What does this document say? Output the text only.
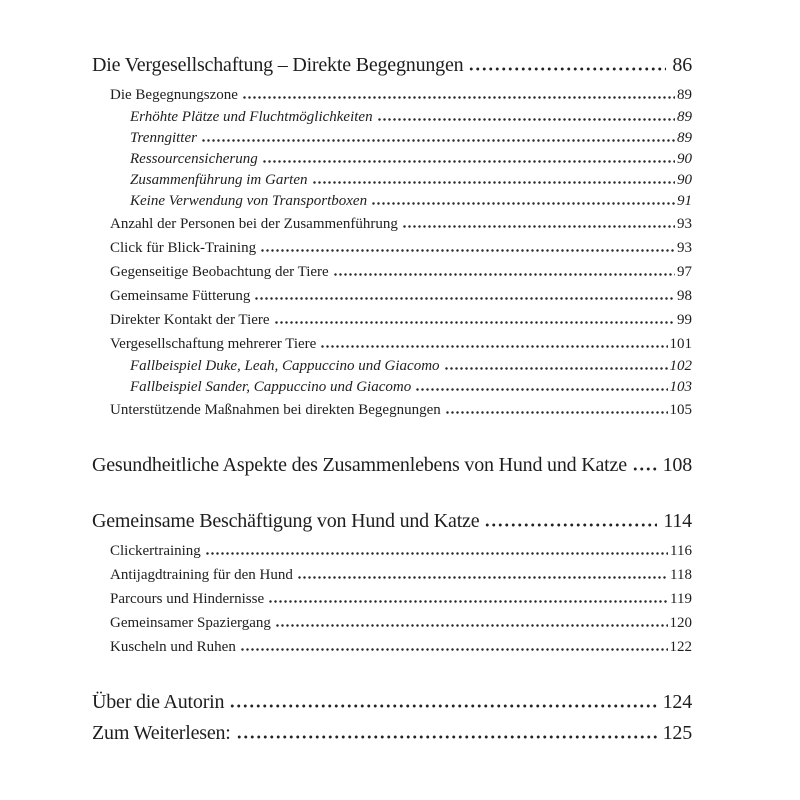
Die Vergesellschaftung – Direkte Begegnungen	86
Die Begegnungszone	89
Erhöhte Plätze und Fluchtmöglichkeiten	89
Trenngitter	89
Ressourcensicherung	90
Zusammenführung im Garten	90
Keine Verwendung von Transportboxen	91
Anzahl der Personen bei der Zusammenführung	93
Click für Blick-Training	93
Gegenseitige Beobachtung der Tiere	97
Gemeinsame Fütterung	98
Direkter Kontakt der Tiere	99
Vergesellschaftung mehrerer Tiere	101
Fallbeispiel Duke, Leah, Cappuccino und Giacomo	102
Fallbeispiel Sander, Cappuccino und Giacomo	103
Unterstützende Maßnahmen bei direkten Begegnungen	105
Gesundheitliche Aspekte des Zusammenlebens von Hund und Katze 108
Gemeinsame Beschäftigung von Hund und Katze	114
Clickertraining	116
Antijagdtraining für den Hund	118
Parcours und Hindernisse	119
Gemeinsamer Spaziergang	120
Kuscheln und Ruhen	122
Über die Autorin	124
Zum Weiterlesen:	125
